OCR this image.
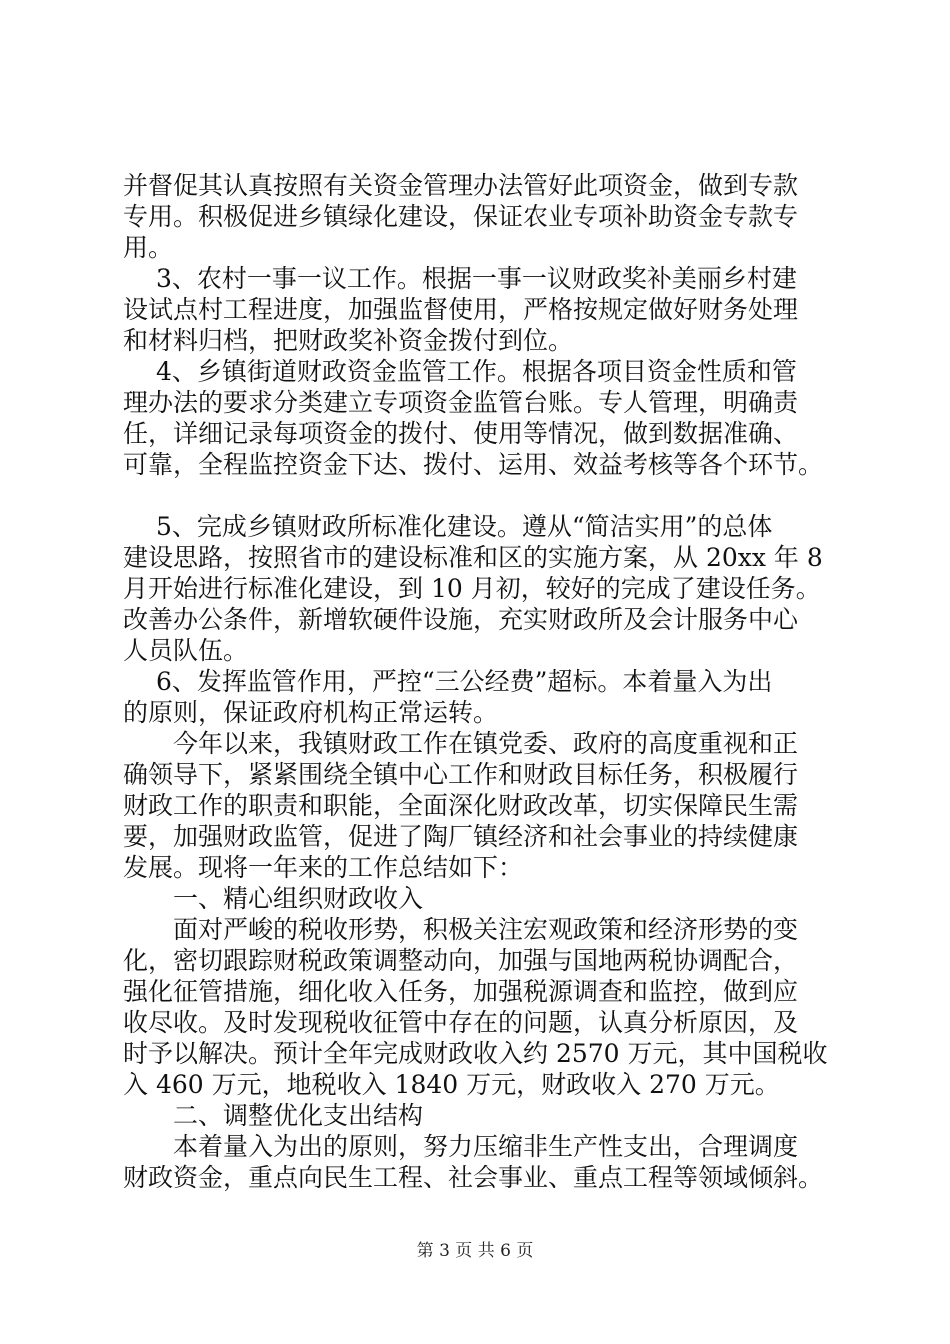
并督促其认真按照有关资金管理办法管好此项资金，做到专款
专用。积极促进乡镇绿化建设，保证农业专项补助资金专款专
用。
　 3、农村一事一议工作。根据一事一议财政奖补美丽乡村建
设试点村工程进度，加强监督使用，严格按规定做好财务处理
和材料归档，把财政奖补资金拨付到位。
　 4、乡镇街道财政资金监管工作。根据各项目资金性质和管
理办法的要求分类建立专项资金监管台账。专人管理，明确责
任，详细记录每项资金的拨付、使用等情况，做到数据准确、
可靠，全程监控资金下达、拨付、运用、效益考核等各个环节。
　 5、完成乡镇财政所标准化建设。遵从“简洁实用”的总体
建设思路，按照省市的建设标准和区的实施方案，从 20xx 年 8
月开始进行标准化建设，到 10 月初，较好的完成了建设任务。
改善办公条件，新增软硬件设施，充实财政所及会计服务中心
人员队伍。
　 6、发挥监管作用，严控“三公经费”超标。本着量入为出
的原则，保证政府机构正常运转。
　　今年以来，我镇财政工作在镇党委、政府的高度重视和正
确领导下，紧紧围绕全镇中心工作和财政目标任务，积极履行
财政工作的职责和职能，全面深化财政改革，切实保障民生需
要，加强财政监管，促进了陶厂镇经济和社会事业的持续健康
发展。现将一年来的工作总结如下：
　　一、精心组织财政收入
　　面对严峻的税收形势，积极关注宏观政策和经济形势的变
化，密切跟踪财税政策调整动向，加强与国地两税协调配合，
强化征管措施，细化收入任务，加强税源调查和监控，做到应
收尽收。及时发现税收征管中存在的问题，认真分析原因，及
时予以解决。预计全年完成财政收入约 2570 万元，其中国税收
入 460 万元，地税收入 1840 万元，财政收入 270 万元。
　　二、调整优化支出结构
　　本着量入为出的原则，努力压缩非生产性支出，合理调度
财政资金，重点向民生工程、社会事业、重点工程等领域倾斜。
第 3 页 共 6 页
